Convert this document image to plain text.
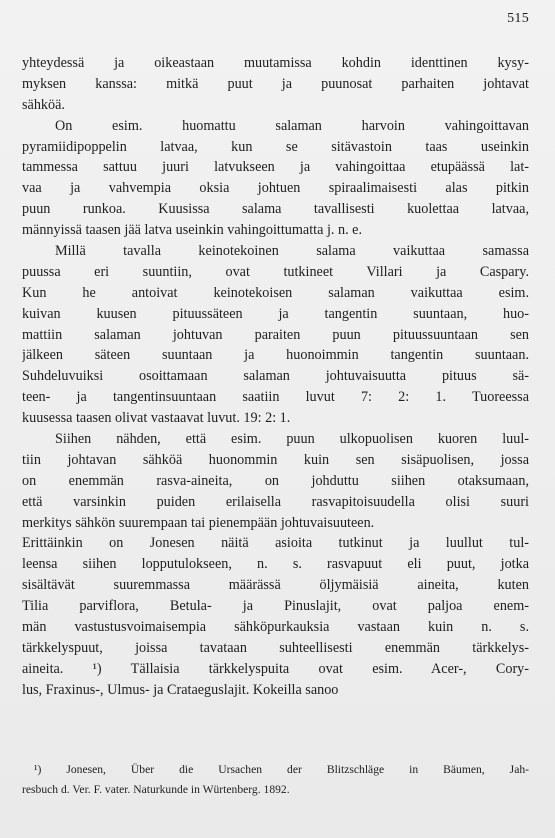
515
yhteydessä ja oikeastaan muutamissa kohdin identtinen kysy-
myksen kanssa: mitkä puut ja puunosat parhaiten johtavat
sähköä.
On esim. huomattu salaman harvoin vahingoittavan
pyramiidipoppelin latvaa, kun se sitävastoin taas useinkin
tammessa sattuu juuri latvukseen ja vahingoittaa etupäässä lat-
vaa ja vahvempia oksia johtuen spiraalimaisesti alas pitkin
puun runkoa. Kuusissa salama tavallisesti kuolettaa latvaa,
männyissä taasen jää latva useinkin vahingoittumatta j. n. e.
Millä tavalla keinotekoinen salama vaikuttaa samassa
puussa eri suuntiin, ovat tutkineet Villari ja Caspary.
Kun he antoivat keinotekoisen salaman vaikuttaa esim.
kuivan kuusen pituussäteen ja tangentin suuntaan, huo-
mattiin salaman johtuvan paraiten puun pituussuuntaan sen
jälkeen säteen suuntaan ja huonoimmin tangentin suuntaan.
Suhdeluvuiksi osoittamaan salaman johtuvaisuutta pituus sä-
teen- ja tangentinsuuntaan saatiin luvut 7: 2: 1. Tuoreessa
kuusessa taasen olivat vastaavat luvut. 19: 2: 1.
Siihen nähden, että esim. puun ulkopuolisen kuoren luul-
tiin johtavan sähköä huonommin kuin sen sisäpuolisen, jossa
on enemmän rasva-aineita, on johduttu siihen otaksumaan,
että varsinkin puiden erilaisella rasvapitoisuudella olisi suuri
merkitys sähkön suurempaan tai pienempään johtuvaisuuteen.
Erittäinkin on Jonesen näitä asioita tutkinut ja luullut tul-
leensa siihen lopputulokseen, n. s. rasvapuut eli puut, jotka
sisältävät suuremmassa määrässä öljymäisiä aineita, kuten
Tilia parviflora, Betula- ja Pinuslajit, ovat paljoa enem-
män vastustusvoimaisempia sähköpurkauksia vastaan kuin n. s.
tärkkelyspuut, joissa tavataan suhteellisesti enemmän tärkkelys-
aineita. ¹) Tällaisia tärkkelyspuita ovat esim. Acer-, Cory-
lus, Fraxinus-, Ulmus- ja Crataeguslajit. Kokeilla sanoo
¹) Jonesen, Über die Ursachen der Blitzschläge in Bäumen, Jah-
resbuch d. Ver. F. vater. Naturkunde in Würtenberg. 1892.
